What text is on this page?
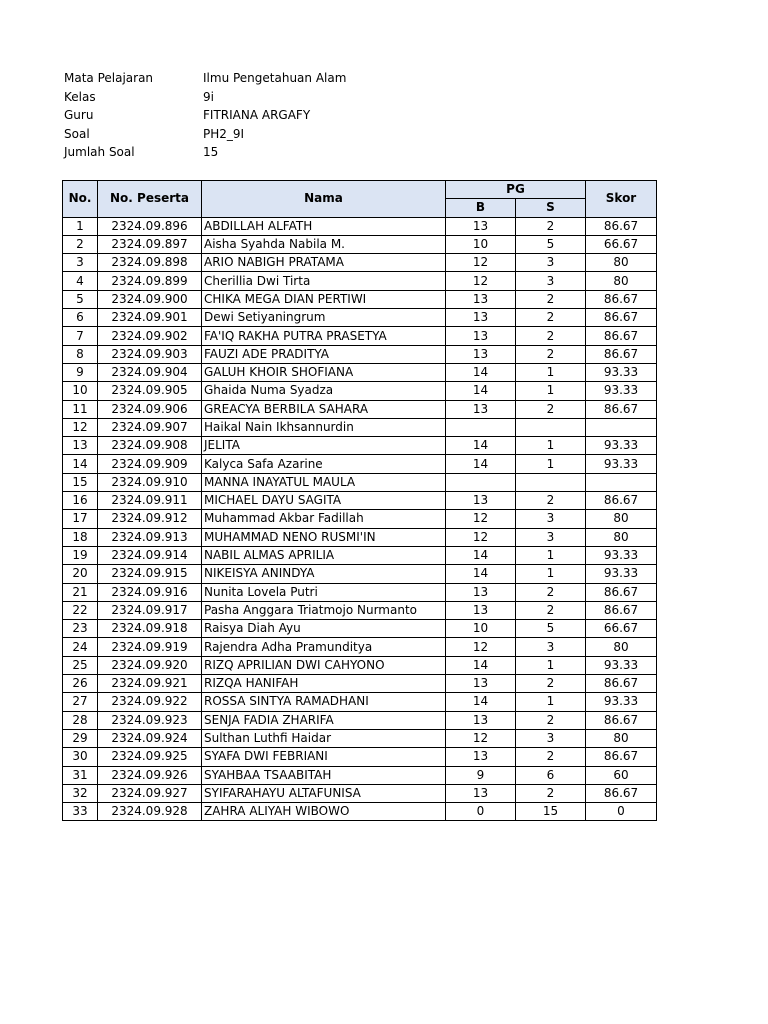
Mata Pelajaran	Ilmu Pengetahuan Alam
Kelas	9i
Guru	FITRIANA ARGAFY
Soal	PH2_9I
Jumlah Soal	15
No.	No. Peserta	Nama	PG		Skor
			B	S	
1	2324.09.896	ABDILLAH ALFATH	13	2	86.67
2	2324.09.897	Aisha Syahda Nabila M.	10	5	66.67
3	2324.09.898	ARIO NABIGH PRATAMA	12	3	80
4	2324.09.899	Cherillia Dwi Tirta	12	3	80
5	2324.09.900	CHIKA MEGA DIAN PERTIWI	13	2	86.67
6	2324.09.901	Dewi Setiyaningrum	13	2	86.67
7	2324.09.902	FA'IQ RAKHA PUTRA PRASETYA	13	2	86.67
8	2324.09.903	FAUZI ADE PRADITYA	13	2	86.67
9	2324.09.904	GALUH KHOIR SHOFIANA	14	1	93.33
10	2324.09.905	Ghaida Numa Syadza	14	1	93.33
11	2324.09.906	GREACYA BERBILA SAHARA	13	2	86.67
12	2324.09.907	Haikal Nain Ikhsannurdin			
13	2324.09.908	JELITA	14	1	93.33
14	2324.09.909	Kalyca Safa Azarine	14	1	93.33
15	2324.09.910	MANNA INAYATUL MAULA			
16	2324.09.911	MICHAEL DAYU SAGITA	13	2	86.67
17	2324.09.912	Muhammad Akbar Fadillah	12	3	80
18	2324.09.913	MUHAMMAD NENO RUSMI'IN	12	3	80
19	2324.09.914	NABIL ALMAS APRILIA	14	1	93.33
20	2324.09.915	NIKEISYA ANINDYA	14	1	93.33
21	2324.09.916	Nunita Lovela Putri	13	2	86.67
22	2324.09.917	Pasha Anggara Triatmojo Nurmanto	13	2	86.67
23	2324.09.918	Raisya Diah Ayu	10	5	66.67
24	2324.09.919	Rajendra Adha Pramunditya	12	3	80
25	2324.09.920	RIZQ APRILIAN DWI CAHYONO	14	1	93.33
26	2324.09.921	RIZQA HANIFAH	13	2	86.67
27	2324.09.922	ROSSA SINTYA RAMADHANI	14	1	93.33
28	2324.09.923	SENJA FADIA ZHARIFA	13	2	86.67
29	2324.09.924	Sulthan Luthfi Haidar	12	3	80
30	2324.09.925	SYAFA DWI FEBRIANI	13	2	86.67
31	2324.09.926	SYAHBAA TSAABITAH	9	6	60
32	2324.09.927	SYIFARAHAYU ALTAFUNISA	13	2	86.67
33	2324.09.928	ZAHRA ALIYAH WIBOWO	0	15	0
